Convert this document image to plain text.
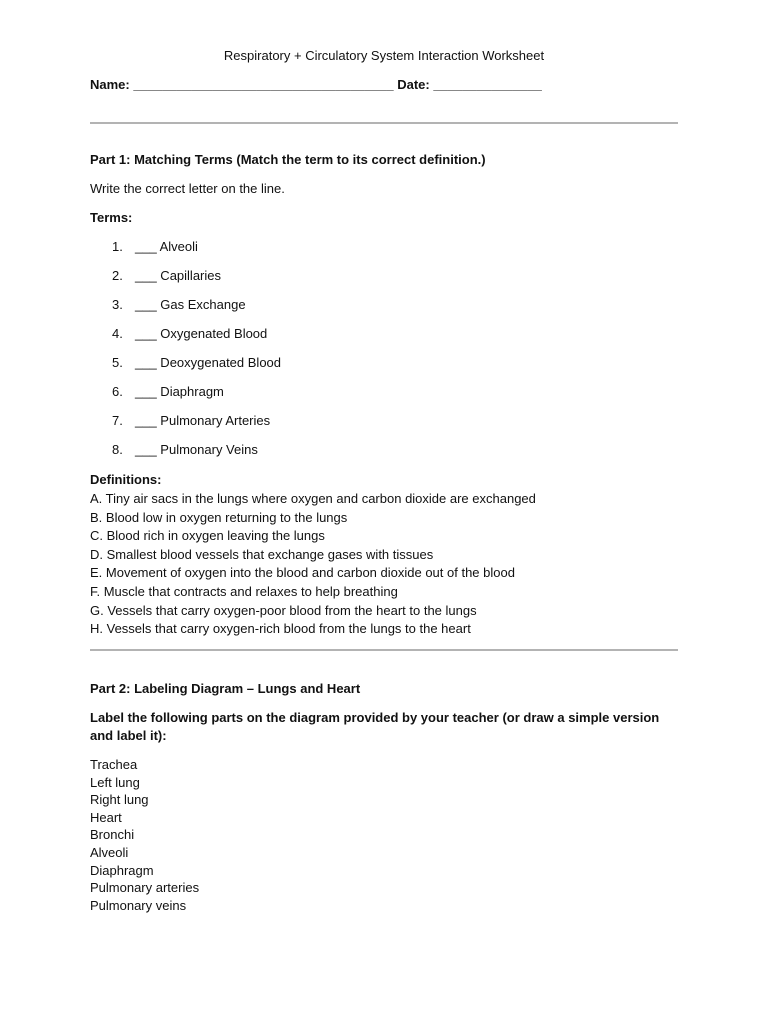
Respiratory + Circulatory System Interaction Worksheet
Name: ____________________________________ Date: _______________
Part 1: Matching Terms (Match the term to its correct definition.)
Write the correct letter on the line.
Terms:
1. ___ Alveoli
2. ___ Capillaries
3. ___ Gas Exchange
4. ___ Oxygenated Blood
5. ___ Deoxygenated Blood
6. ___ Diaphragm
7. ___ Pulmonary Arteries
8. ___ Pulmonary Veins
Definitions:
A. Tiny air sacs in the lungs where oxygen and carbon dioxide are exchanged
B. Blood low in oxygen returning to the lungs
C. Blood rich in oxygen leaving the lungs
D. Smallest blood vessels that exchange gases with tissues
E. Movement of oxygen into the blood and carbon dioxide out of the blood
F. Muscle that contracts and relaxes to help breathing
G. Vessels that carry oxygen-poor blood from the heart to the lungs
H. Vessels that carry oxygen-rich blood from the lungs to the heart
Part 2: Labeling Diagram – Lungs and Heart
Label the following parts on the diagram provided by your teacher (or draw a simple version and label it):
Trachea
Left lung
Right lung
Heart
Bronchi
Alveoli
Diaphragm
Pulmonary arteries
Pulmonary veins
